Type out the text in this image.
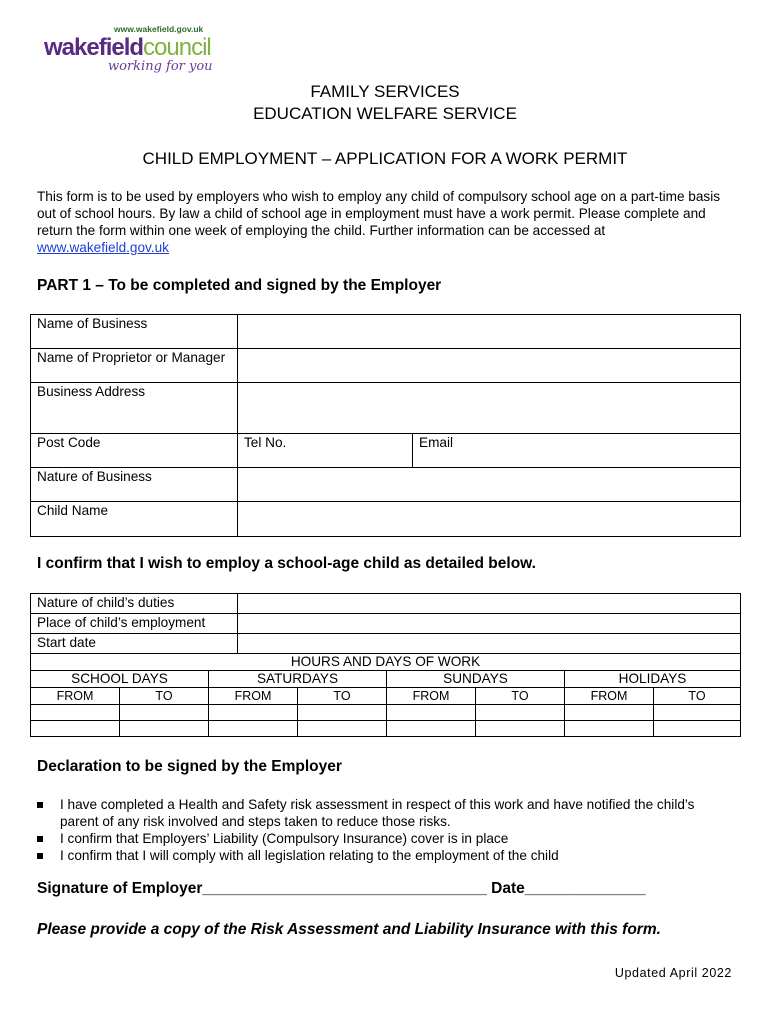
www.wakefield.gov.uk
wakefieldcouncil
working for you
FAMILY SERVICES
EDUCATION WELFARE SERVICE
CHILD EMPLOYMENT – APPLICATION FOR A WORK PERMIT
This form is to be used by employers who wish to employ any child of compulsory school age on a part-time basis out of school hours. By law a child of school age in employment must have a work permit. Please complete and return the form within one week of employing the child. Further information can be accessed at www.wakefield.gov.uk
PART 1 – To be completed and signed by the Employer
Name of Business		
Name of Proprietor or Manager		
Business Address		
Post Code	Tel No.	Email
Nature of Business		
Child Name		
I confirm that I wish to employ a school-age child as detailed below.
Nature of child’s duties	
Place of child’s employment	
Start date	
HOURS AND DAYS OF WORK							
SCHOOL DAYS		SATURDAYS		SUNDAYS		HOLIDAYS	
FROM	TO	FROM	TO	FROM	TO	FROM	TO

Declaration to be signed by the Employer
I have completed a Health and Safety risk assessment in respect of this work and have notified the child’s parent of any risk involved and steps taken to reduce those risks.
I confirm that Employers’ Liability (Compulsory Insurance) cover is in place
I confirm that I will comply with all legislation relating to the employment of the child
Signature of Employer_________________________________ Date______________
Please provide a copy of the Risk Assessment and Liability Insurance with this form.
Updated April 2022
